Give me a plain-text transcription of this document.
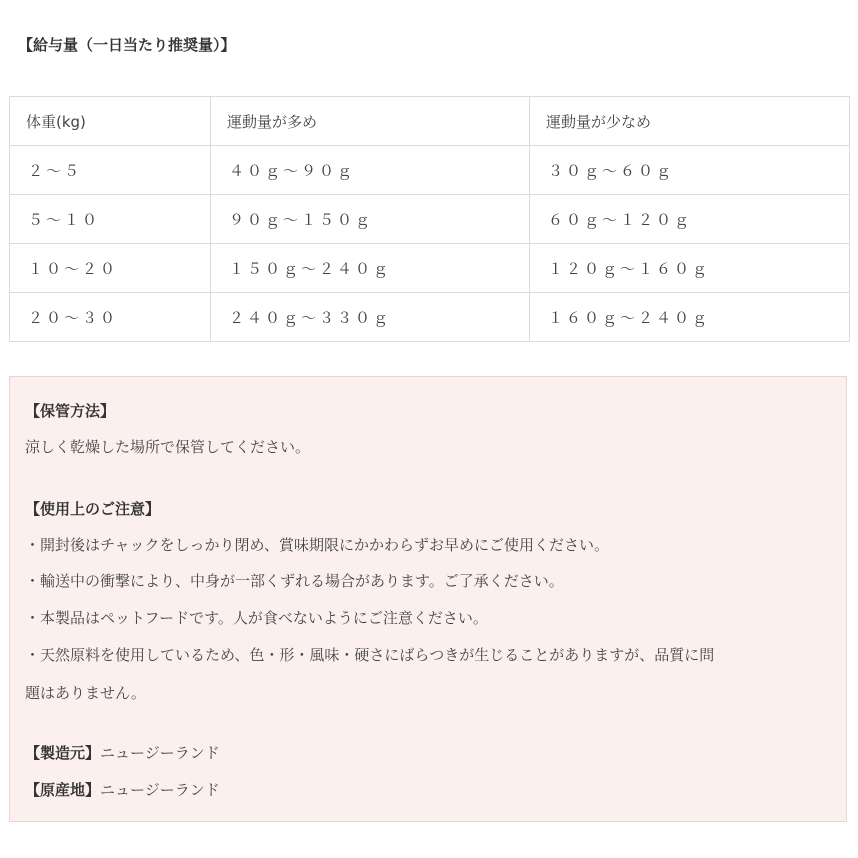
【給与量（一日当たり推奨量）】
体重(kg)	運動量が多め	運動量が少なめ
２～５	４０ｇ～９０ｇ	３０ｇ～６０ｇ
５～１０	９０ｇ～１５０ｇ	６０ｇ～１２０ｇ
１０～２０	１５０ｇ～２４０ｇ	１２０ｇ～１６０ｇ
２０～３０	２４０ｇ～３３０ｇ	１６０ｇ～２４０ｇ
【保管方法】
涼しく乾燥した場所で保管してください。
【使用上のご注意】
・開封後はチャックをしっかり閉め、賞味期限にかかわらずお早めにご使用ください。
・輸送中の衝撃により、中身が一部くずれる場合があります。ご了承ください。
・本製品はペットフードです。人が食べないようにご注意ください。
・天然原料を使用しているため、色・形・風味・硬さにばらつきが生じることがありますが、品質に問
題はありません。
【製造元】ニュージーランド
【原産地】ニュージーランド
